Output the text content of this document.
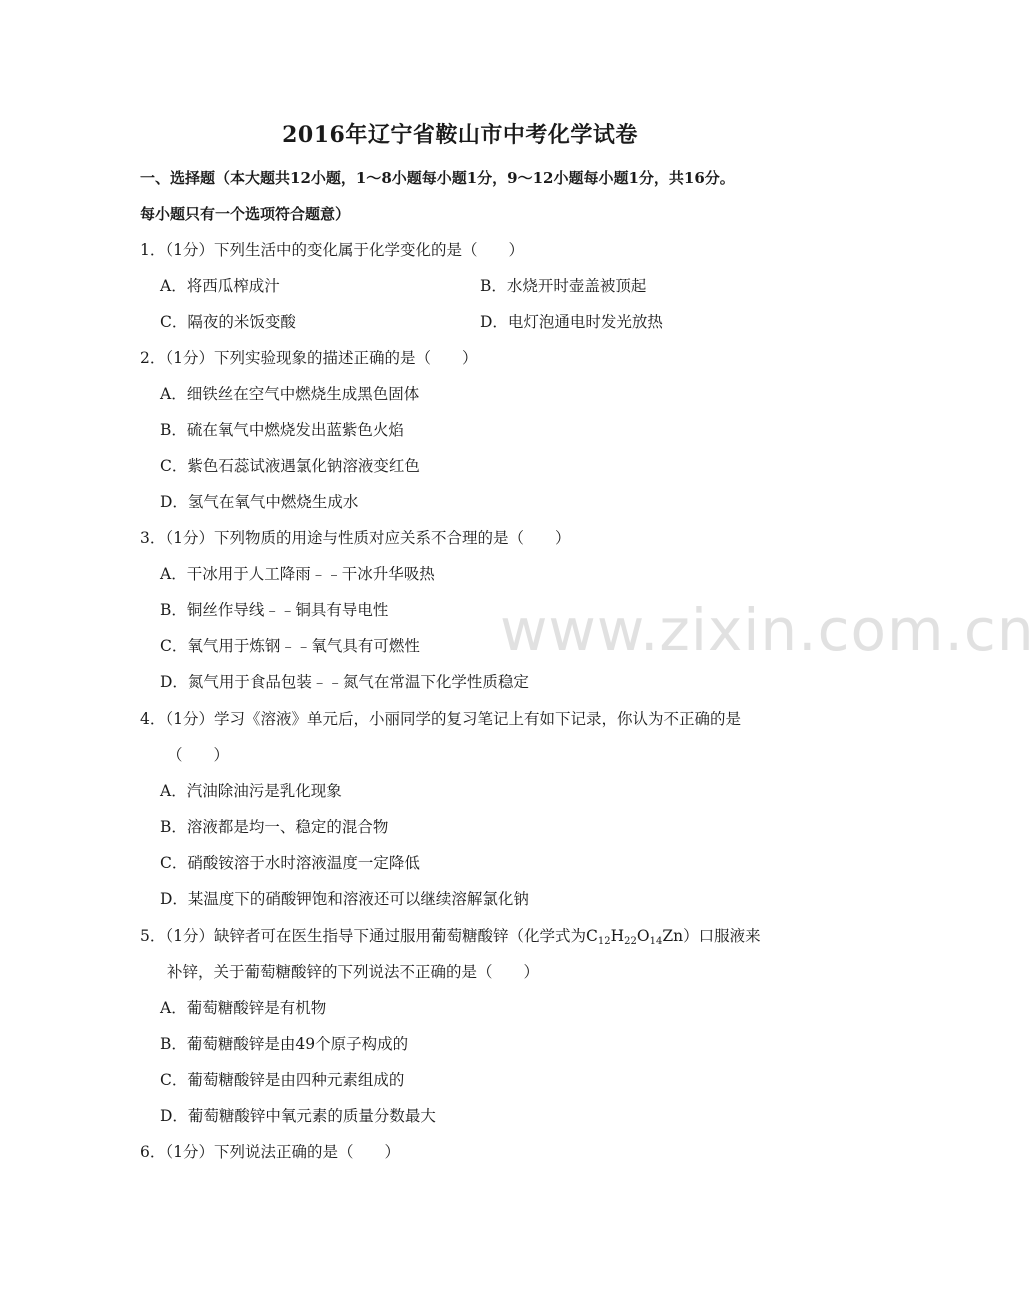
www.zixin.com.cn
2016年辽宁省鞍山市中考化学试卷
一、选择题（本大题共12小题，1～8小题每小题1分，9～12小题每小题1分，共16分。
每小题只有一个选项符合题意）
1．（1分）下列生活中的变化属于化学变化的是（　　）
A．将西瓜榨成汁	B．水烧开时壶盖被顶起
C．隔夜的米饭变酸	D．电灯泡通电时发光放热
2．（1分）下列实验现象的描述正确的是（　　）
A．细铁丝在空气中燃烧生成黑色固体
B．硫在氧气中燃烧发出蓝紫色火焰
C．紫色石蕊试液遇氯化钠溶液变红色
D．氢气在氧气中燃烧生成水
3．（1分）下列物质的用途与性质对应关系不合理的是（　　）
A．干冰用于人工降雨﹣﹣干冰升华吸热
B．铜丝作导线﹣﹣铜具有导电性
C．氧气用于炼钢﹣﹣氧气具有可燃性
D．氮气用于食品包装﹣﹣氮气在常温下化学性质稳定
4．（1分）学习《溶液》单元后，小丽同学的复习笔记上有如下记录，你认为不正确的是
（　　）
A．汽油除油污是乳化现象
B．溶液都是均一、稳定的混合物
C．硝酸铵溶于水时溶液温度一定降低
D．某温度下的硝酸钾饱和溶液还可以继续溶解氯化钠
5．（1分）缺锌者可在医生指导下通过服用葡萄糖酸锌（化学式为$C_{12}H_{22}O_{14}Zn$）口服液来
补锌，关于葡萄糖酸锌的下列说法不正确的是（　　）
A．葡萄糖酸锌是有机物
B．葡萄糖酸锌是由49个原子构成的
C．葡萄糖酸锌是由四种元素组成的
D．葡萄糖酸锌中氧元素的质量分数最大
6．（1分）下列说法正确的是（　　）
